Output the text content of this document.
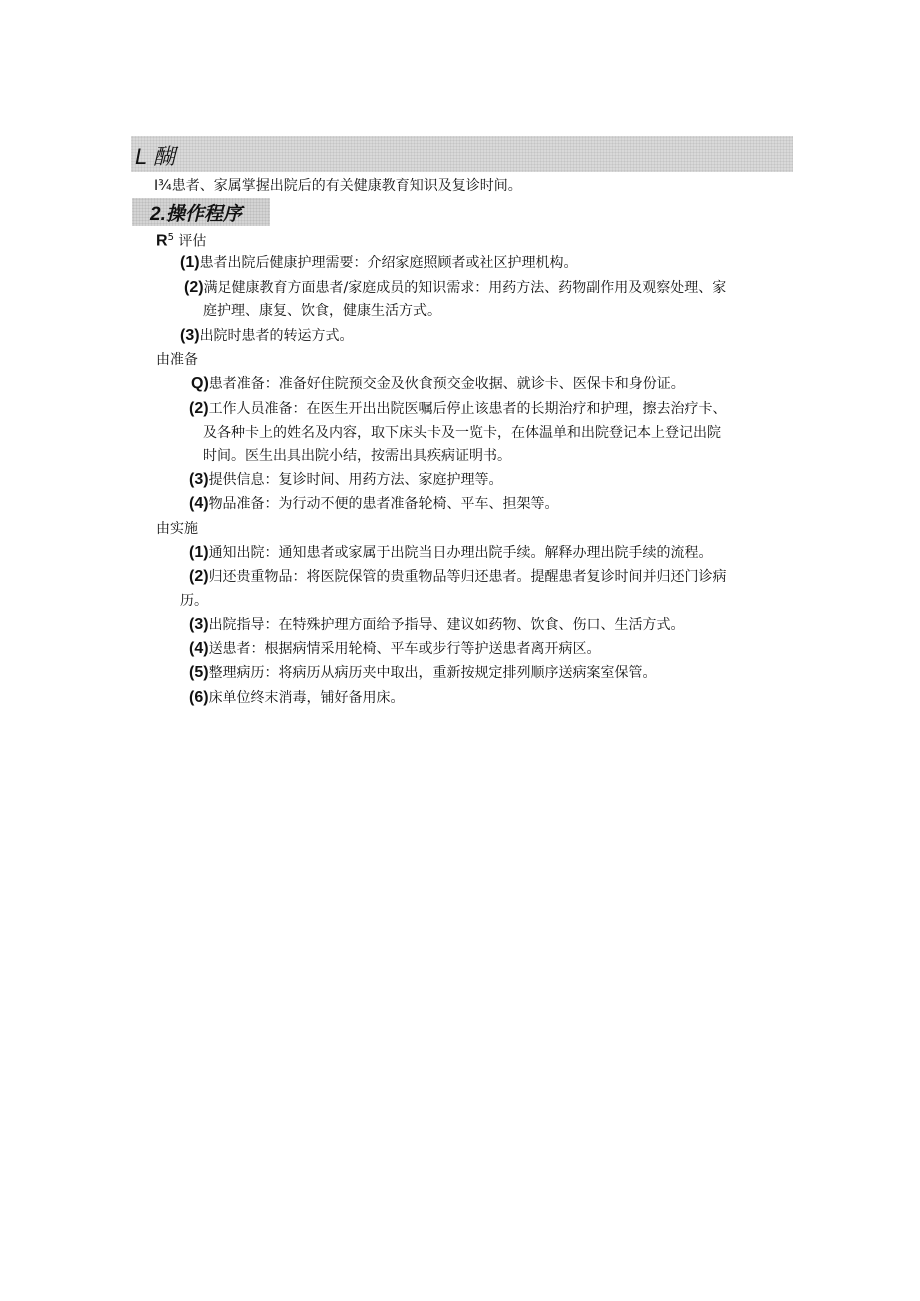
L 醐
I¾患者、家属掌握出院后的有关健康教育知识及复诊时间。
2.操作程序
$R^5$ 评估
(1)患者出院后健康护理需要：介绍家庭照顾者或社区护理机构。
(2)满足健康教育方面患者/家庭成员的知识需求：用药方法、药物副作用及观察处理、家
庭护理、康复、饮食，健康生活方式。
(3)出院时患者的转运方式。
由准备
Q)患者准备：准备好住院预交金及伙食预交金收据、就诊卡、医保卡和身份证。
(2)工作人员准备：在医生开出出院医嘱后停止该患者的长期治疗和护理，擦去治疗卡、
及各种卡上的姓名及内容，取下床头卡及一览卡，在体温单和出院登记本上登记出院
时间。医生出具出院小结，按需出具疾病证明书。
(3)提供信息：复诊时间、用药方法、家庭护理等。
(4)物品准备：为行动不便的患者准备轮椅、平车、担架等。
由实施
(1)通知出院：通知患者或家属于出院当日办理出院手续。解释办理出院手续的流程。
(2)归还贵重物品：将医院保管的贵重物品等归还患者。提醒患者复诊时间并归还门诊病
历。
(3)出院指导：在特殊护理方面给予指导、建议如药物、饮食、伤口、生活方式。
(4)送患者：根据病情采用轮椅、平车或步行等护送患者离开病区。
(5)整理病历：将病历从病历夹中取出，重新按规定排列顺序送病案室保管。
(6)床单位终末消毒，铺好备用床。
